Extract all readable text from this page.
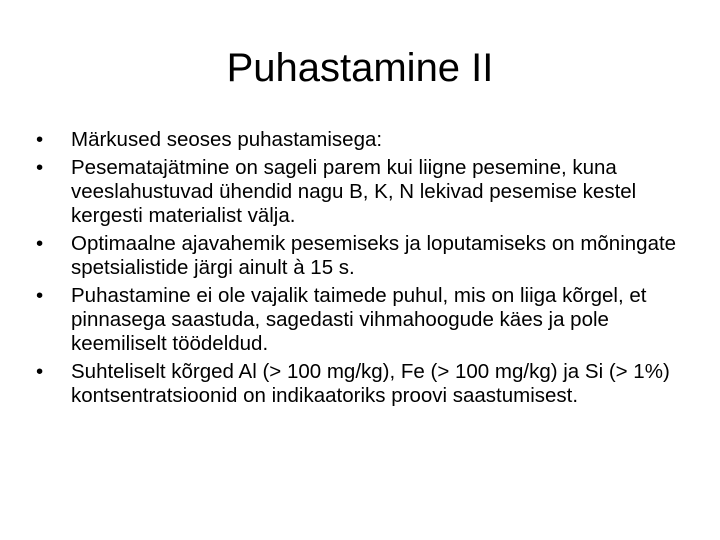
Puhastamine II
•	Märkused seoses puhastamisega:
•	Pesematajätmine on sageli parem kui liigne pesemine, kuna veeslahustuvad ühendid nagu B, K, N lekivad pesemise kestel kergesti materialist välja.
•	Optimaalne ajavahemik pesemiseks ja loputamiseks on mõningate spetsialistide järgi ainult à 15 s.
•	Puhastamine ei ole vajalik taimede puhul, mis on liiga kõrgel, et pinnasega saastuda, sagedasti vihmahoogude käes ja pole keemiliselt töödeldud.
•	Suhteliselt kõrged Al (> 100 mg/kg), Fe (> 100 mg/kg) ja Si (> 1%) kontsentratsioonid on indikaatoriks proovi saastumisest.
